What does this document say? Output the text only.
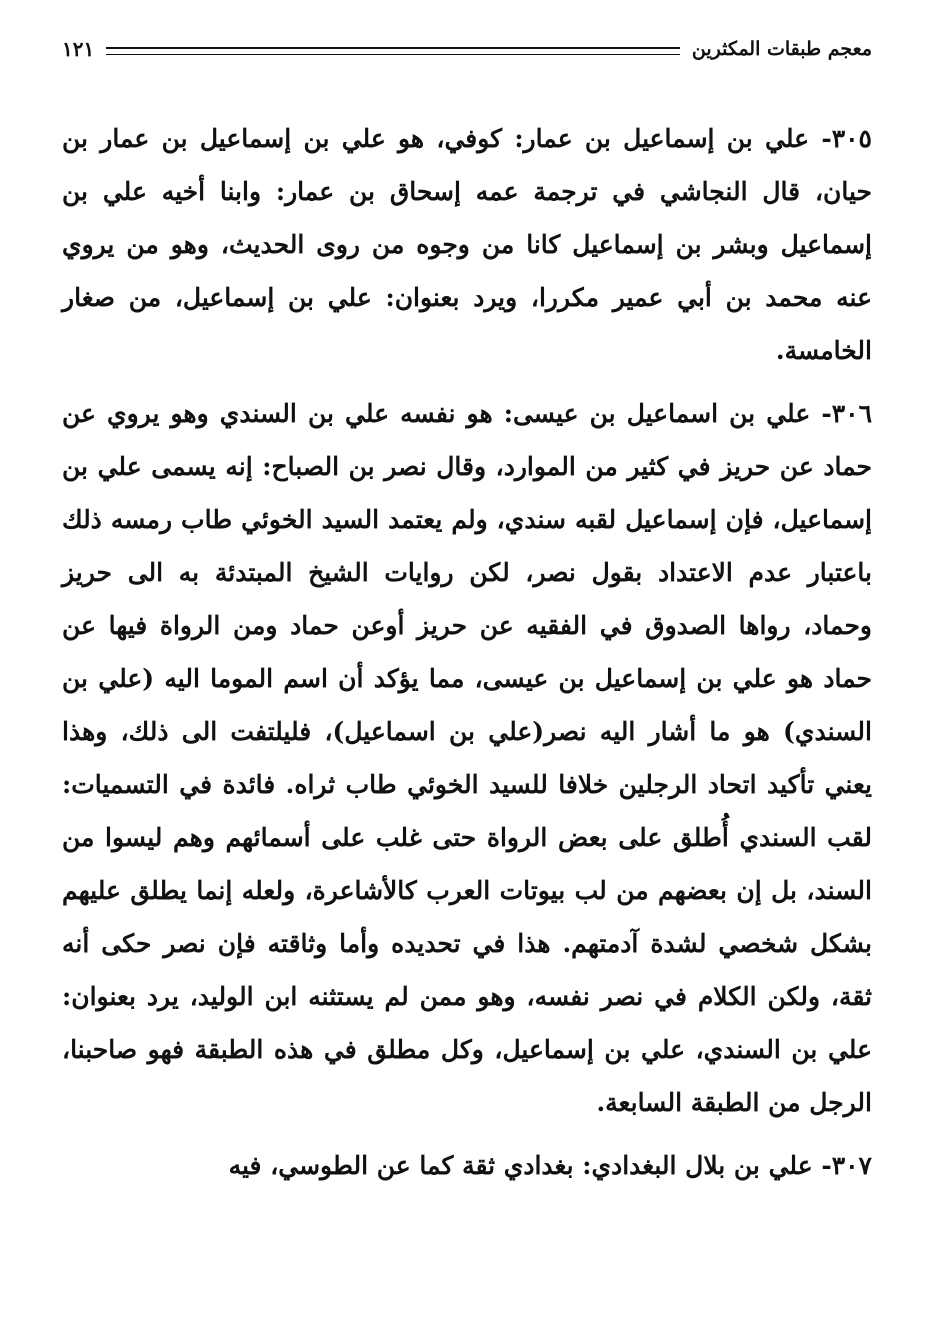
معجم طبقات المكثرين
١٢١

٣٠٥- علي بن إسماعيل بن عمار: كوفي، هو علي بن إسماعيل بن عمار بن حيان، قال النجاشي في ترجمة عمه إسحاق بن عمار: وابنا أخيه علي بن إسماعيل وبشر بن إسماعيل كانا من وجوه من روى الحديث، وهو من يروي عنه محمد بن أبي عمير مكررا، ويرد بعنوان: علي بن إسماعيل، من صغار الخامسة.

٣٠٦- علي بن اسماعيل بن عيسى: هو نفسه علي بن السندي وهو يروي عن حماد عن حريز في كثير من الموارد، وقال نصر بن الصباح: إنه يسمى علي بن إسماعيل، فإن إسماعيل لقبه سندي، ولم يعتمد السيد الخوئي طاب رمسه ذلك باعتبار عدم الاعتداد بقول نصر، لكن روايات الشيخ المبتدئة به الى حريز وحماد، رواها الصدوق في الفقيه عن حريز أوعن حماد ومن الرواة فيها عن حماد هو علي بن إسماعيل بن عيسى، مما يؤكد أن اسم الموما اليه (علي بن السندي) هو ما أشار اليه نصر(علي بن اسماعيل)، فليلتفت الى ذلك، وهذا يعني تأكيد اتحاد الرجلين خلافا للسيد الخوئي طاب ثراه. فائدة في التسميات: لقب السندي أُطلق على بعض الرواة حتى غلب على أسمائهم وهم ليسوا من السند، بل إن بعضهم من لب بيوتات العرب كالأشاعرة، ولعله إنما يطلق عليهم بشكل شخصي لشدة آدمتهم. هذا في تحديده وأما وثاقته فإن نصر حكى أنه ثقة، ولكن الكلام في نصر نفسه، وهو ممن لم يستثنه ابن الوليد، يرد بعنوان: علي بن السندي، علي بن إسماعيل، وكل مطلق في هذه الطبقة فهو صاحبنا، الرجل من الطبقة السابعة.

٣٠٧- علي بن بلال البغدادي: بغدادي ثقة كما عن الطوسي، فيه
